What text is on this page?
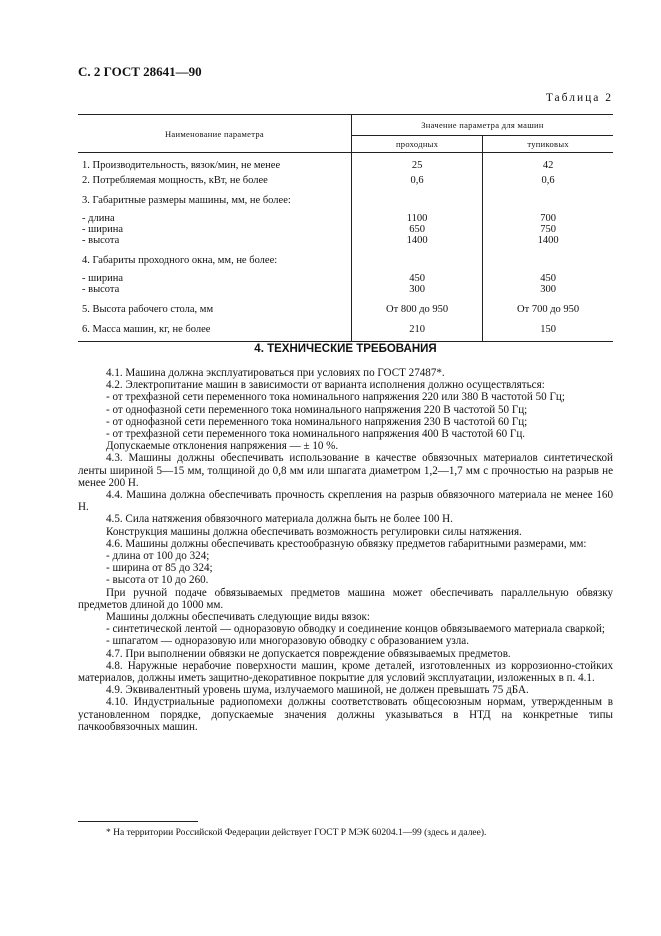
С. 2 ГОСТ 28641—90
Таблица 2
Наименование параметра	Значение параметра для машин	
	проходных	тупиковых
1. Производительность, вязок/мин, не менее	25	42
2. Потребляемая мощность, кВт, не более	0,6	0,6
3. Габаритные размеры машины, мм, не более:		
- длина	1100	700
- ширина	650	750
- высота	1400	1400
4. Габариты проходного окна, мм, не более:		
- ширина	450	450
- высота	300	300
5. Высота рабочего стола, мм	От 800 до 950	От 700 до 950
6. Масса машин, кг, не более	210	150
4. ТЕХНИЧЕСКИЕ ТРЕБОВАНИЯ

4.1. Машина должна эксплуатироваться при условиях по ГОСТ 27487*.

4.2. Электропитание машин в зависимости от варианта исполнения должно осуществляться:

- от трехфазной сети переменного тока номинального напряжения 220 или 380 В частотой 50 Гц;

- от однофазной сети переменного тока номинального напряжения 220 В частотой 50 Гц;

- от однофазной сети переменного тока номинального напряжения 230 В частотой 60 Гц;

- от трехфазной сети переменного тока номинального напряжения 400 В частотой 60 Гц.

Допускаемые отклонения напряжения — ± 10 %.

4.3. Машины должны обеспечивать использование в качестве обвязочных материалов синтетической ленты шириной 5—15 мм, толщиной до 0,8 мм или шпагата диаметром 1,2—1,7 мм с прочностью на разрыв не менее 200 Н.

4.4. Машина должна обеспечивать прочность скрепления на разрыв обвязочного материала не менее 160 Н.

4.5. Сила натяжения обвязочного материала должна быть не более 100 Н.

Конструкция машины должна обеспечивать возможность регулировки силы натяжения.

4.6. Машины должны обеспечивать крестообразную обвязку предметов габаритными размерами, мм:

- длина от 100 до 324;

- ширина от 85 до 324;

- высота от 10 до 260.

При ручной подаче обвязываемых предметов машина может обеспечивать параллельную обвязку предметов длиной до 1000 мм.

Машины должны обеспечивать следующие виды вязок:

- синтетической лентой — одноразовую обводку и соединение концов обвязываемого материала сваркой;

- шпагатом — одноразовую или многоразовую обводку с образованием узла.

4.7. При выполнении обвязки не допускается повреждение обвязываемых предметов.

4.8. Наружные нерабочие поверхности машин, кроме деталей, изготовленных из коррозионно-стойких материалов, должны иметь защитно-декоративное покрытие для условий эксплуатации, изложенных в п. 4.1.

4.9. Эквивалентный уровень шума, излучаемого машиной, не должен превышать 75 дБА.

4.10. Индустриальные радиопомехи должны соответствовать общесоюзным нормам, утвержденным в установленном порядке, допускаемые значения должны указываться в НТД на конкретные типы пачкообвязочных машин.

* На территории Российской Федерации действует ГОСТ Р МЭК 60204.1—99 (здесь и далее).
